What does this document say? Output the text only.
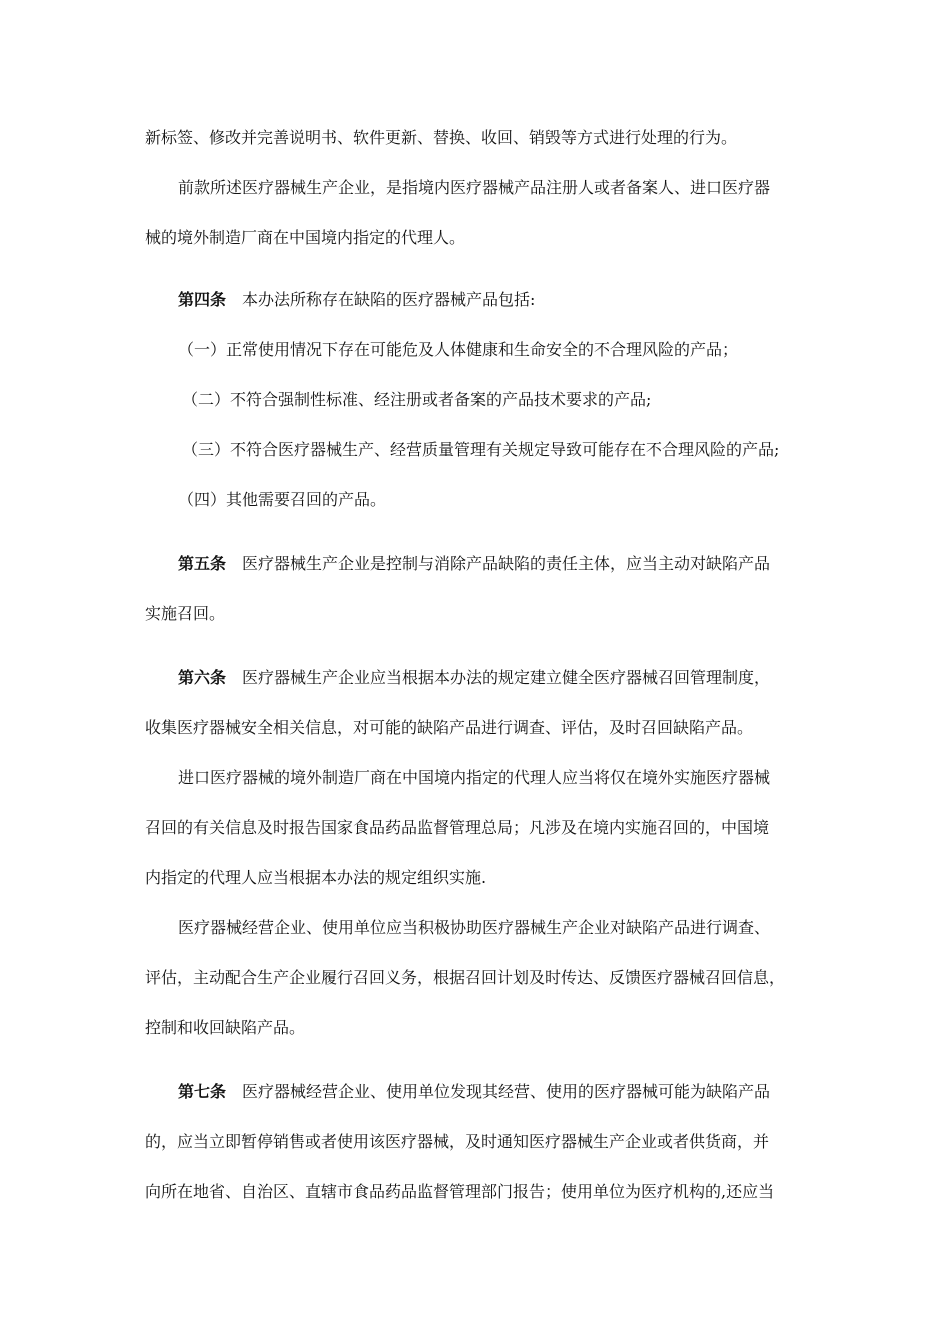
新标签、修改并完善说明书、软件更新、替换、收回、销毁等方式进行处理的行为。
前款所述医疗器械生产企业，是指境内医疗器械产品注册人或者备案人、进口医疗器
械的境外制造厂商在中国境内指定的代理人。
第四条 本办法所称存在缺陷的医疗器械产品包括:
（一）正常使用情况下存在可能危及人体健康和生命安全的不合理风险的产品；
（二）不符合强制性标准、经注册或者备案的产品技术要求的产品;
（三）不符合医疗器械生产、经营质量管理有关规定导致可能存在不合理风险的产品;
（四）其他需要召回的产品。
第五条 医疗器械生产企业是控制与消除产品缺陷的责任主体，应当主动对缺陷产品
实施召回。
第六条 医疗器械生产企业应当根据本办法的规定建立健全医疗器械召回管理制度，
收集医疗器械安全相关信息，对可能的缺陷产品进行调查、评估，及时召回缺陷产品。
进口医疗器械的境外制造厂商在中国境内指定的代理人应当将仅在境外实施医疗器械
召回的有关信息及时报告国家食品药品监督管理总局；凡涉及在境内实施召回的，中国境
内指定的代理人应当根据本办法的规定组织实施.
医疗器械经营企业、使用单位应当积极协助医疗器械生产企业对缺陷产品进行调查、
评估，主动配合生产企业履行召回义务，根据召回计划及时传达、反馈医疗器械召回信息，
控制和收回缺陷产品。
第七条 医疗器械经营企业、使用单位发现其经营、使用的医疗器械可能为缺陷产品
的，应当立即暂停销售或者使用该医疗器械，及时通知医疗器械生产企业或者供货商，并
向所在地省、自治区、直辖市食品药品监督管理部门报告；使用单位为医疗机构的,还应当
